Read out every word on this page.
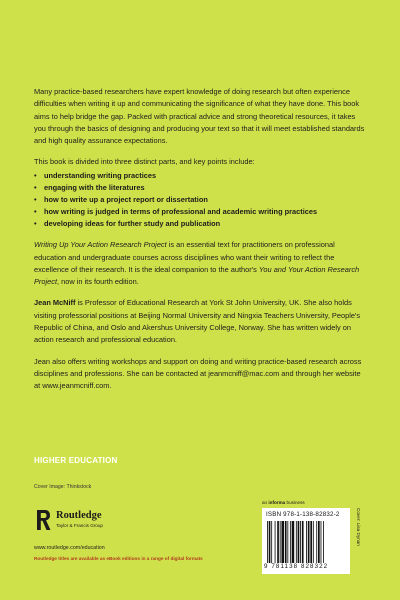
Many practice-based researchers have expert knowledge of doing research but often experience difficulties when writing it up and communicating the significance of what they have done. This book aims to help bridge the gap. Packed with practical advice and strong theoretical resources, it takes you through the basics of designing and producing your text so that it will meet established standards and high quality assurance expectations.

This book is divided into three distinct parts, and key points include:

• understanding writing practices
• engaging with the literatures
• how to write up a project report or dissertation
• how writing is judged in terms of professional and academic writing practices
• developing ideas for further study and publication

Writing Up Your Action Research Project is an essential text for practitioners on professional education and undergraduate courses across disciplines who want their writing to reflect the excellence of their research. It is the ideal companion to the author's You and Your Action Research Project, now in its fourth edition.

Jean McNiff is Professor of Educational Research at York St John University, UK. She also holds visiting professorial positions at Beijing Normal University and Ningxia Teachers University, People's Republic of China, and Oslo and Akershus University College, Norway. She has written widely on action research and professional education.

Jean also offers writing workshops and support on doing and writing practice-based research across disciplines and professions. She can be contacted at jeanmcniff@mac.com and through her website at www.jeanmcniff.com.

HIGHER EDUCATION
Cover Image: Thinkstock
Routledge
Taylor & Francis Group
www.routledge.com/education
Routledge titles are available as eBook editions in a range of digital formats
an informa business
ISBN 978-1-138-82832-2
9 781138 828322
Cover: Lisa Dynan
